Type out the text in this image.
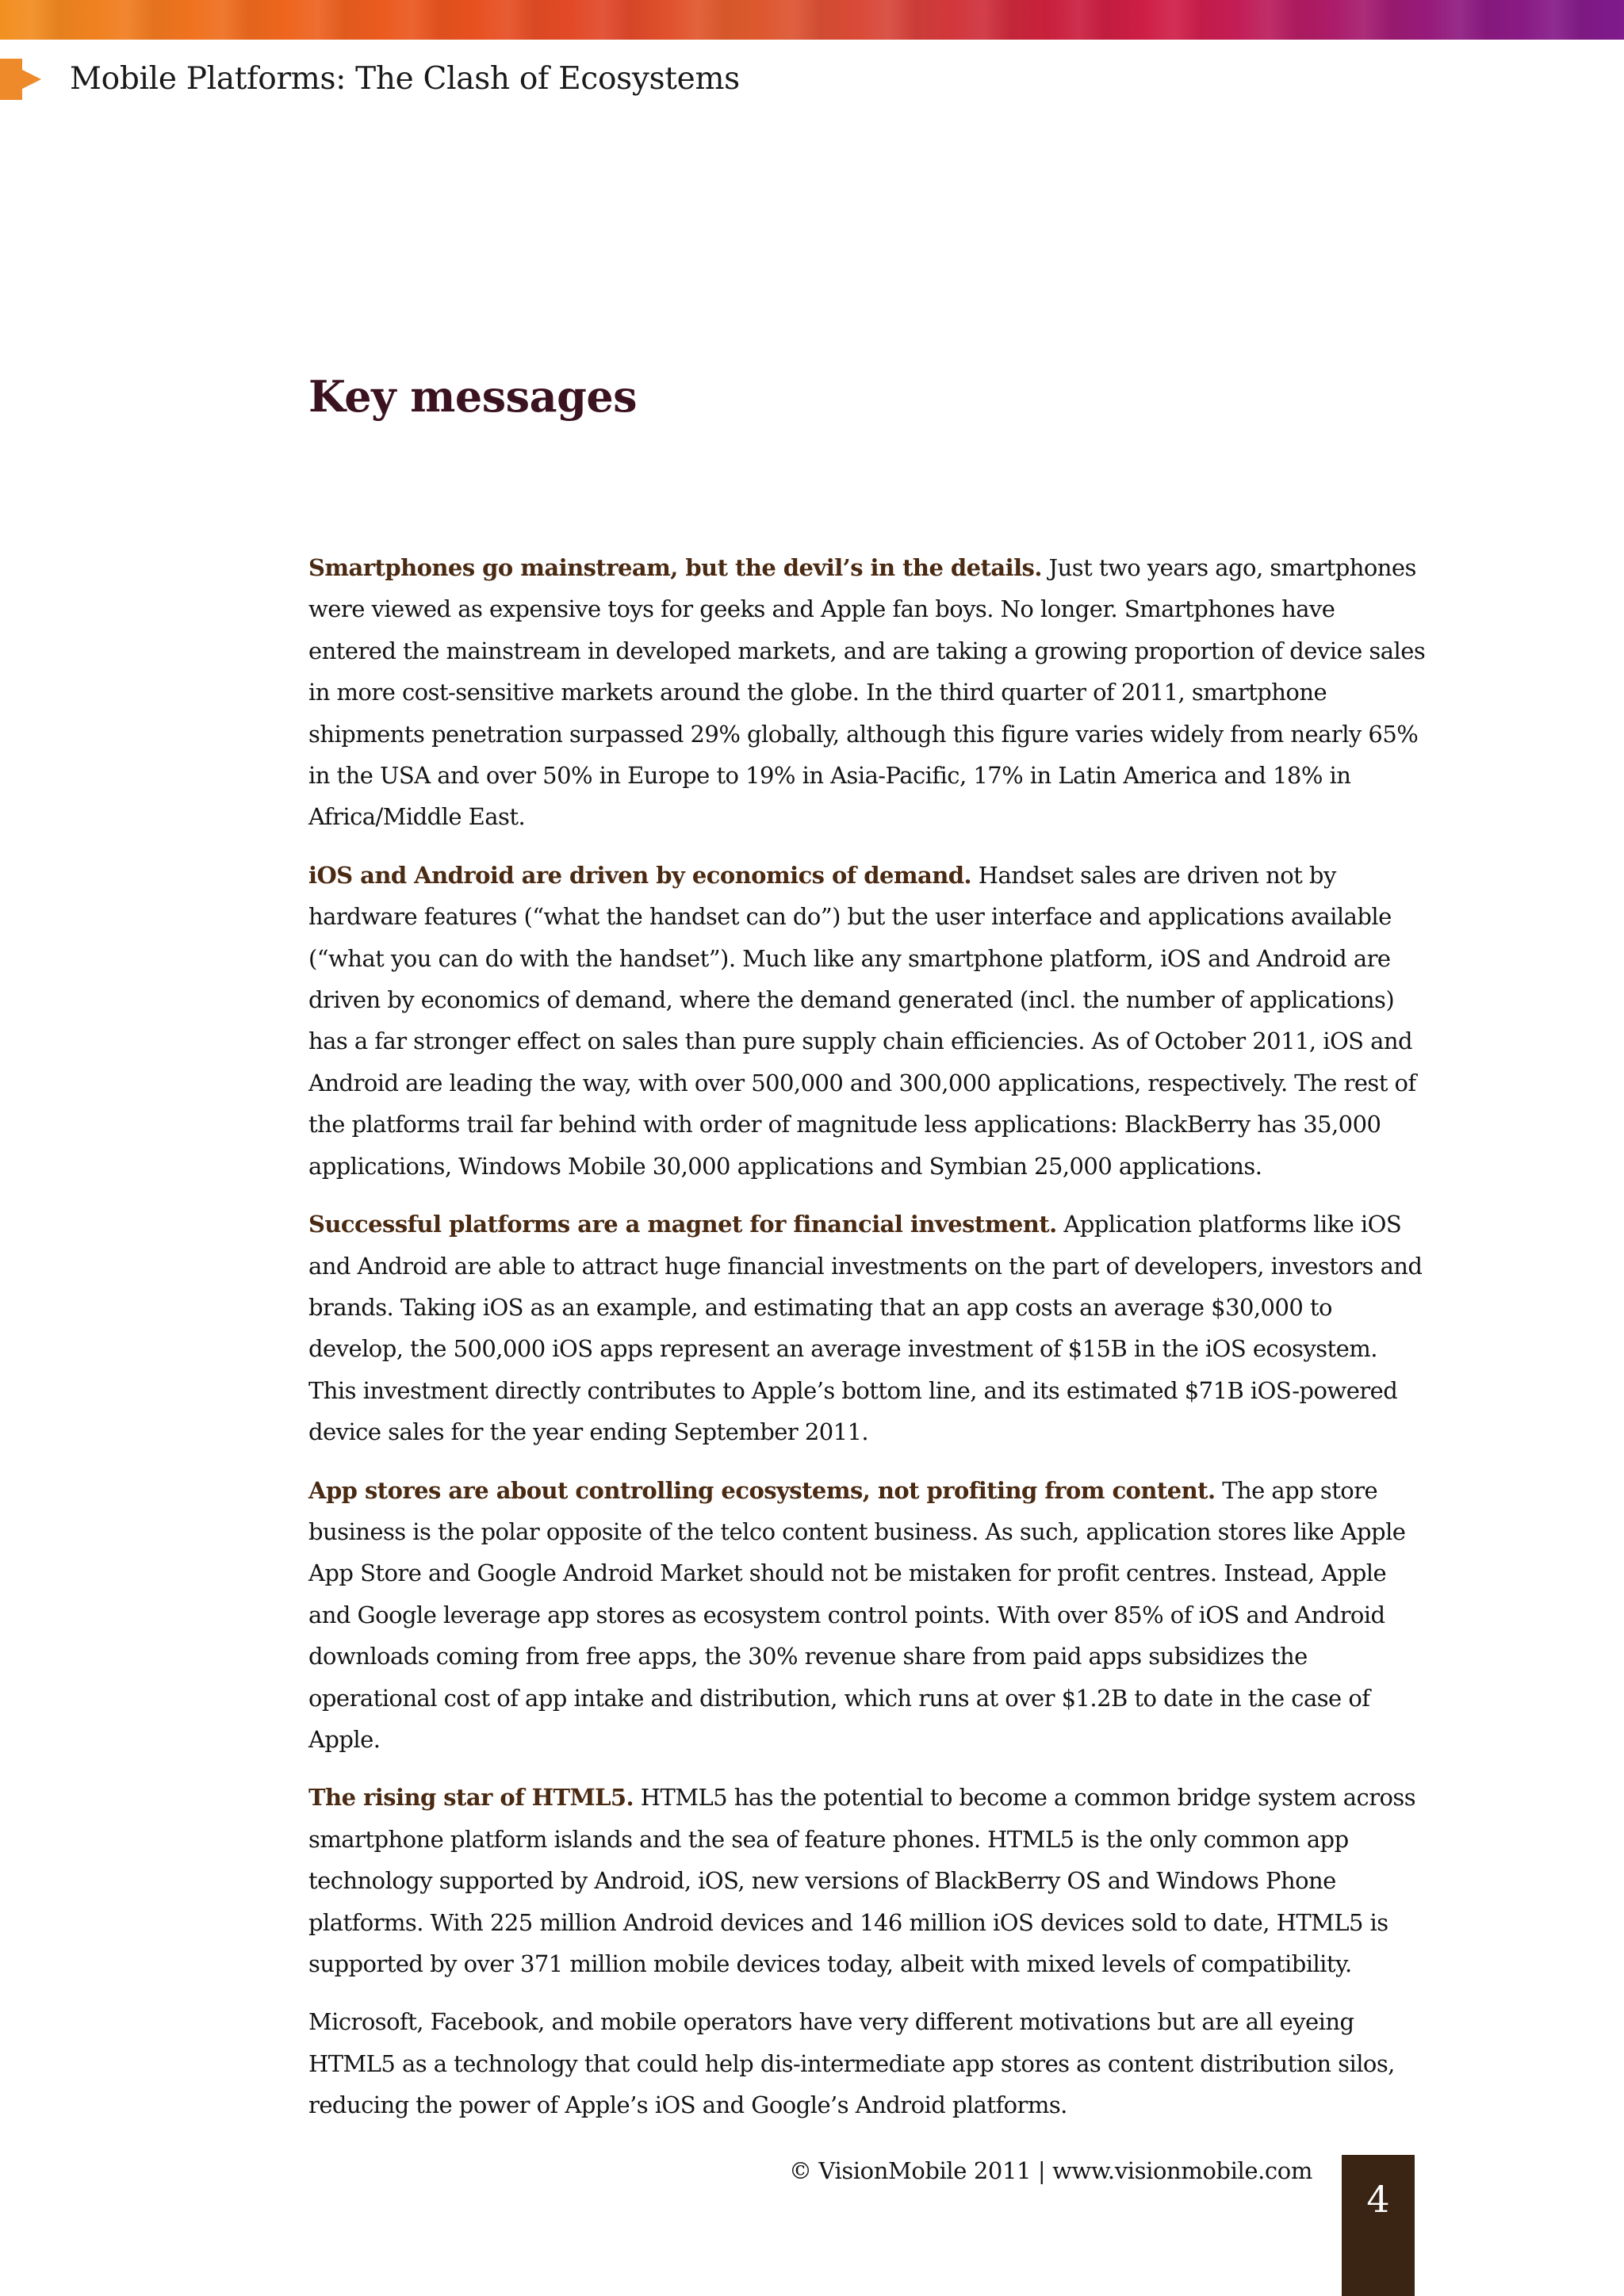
Mobile Platforms: The Clash of Ecosystems
Key messages

Smartphones go mainstream, but the devil’s in the details. Just two years ago, smartphones were viewed as expensive toys for geeks and Apple fan boys. No longer. Smartphones have entered the mainstream in developed markets, and are taking a growing proportion of device sales in more cost-sensitive markets around the globe. In the third quarter of 2011, smartphone shipments penetration surpassed 29% globally, although this figure varies widely from nearly 65% in the USA and over 50% in Europe to 19% in Asia-Pacific, 17% in Latin America and 18% in Africa/Middle East.

iOS and Android are driven by economics of demand. Handset sales are driven not by hardware features (“what the handset can do”) but the user interface and applications available (“what you can do with the handset”). Much like any smartphone platform, iOS and Android are driven by economics of demand, where the demand generated (incl. the number of applications) has a far stronger effect on sales than pure supply chain efficiencies. As of October 2011, iOS and Android are leading the way, with over 500,000 and 300,000 applications, respectively. The rest of the platforms trail far behind with order of magnitude less applications: BlackBerry has 35,000 applications, Windows Mobile 30,000 applications and Symbian 25,000 applications.

Successful platforms are a magnet for financial investment. Application platforms like iOS and Android are able to attract huge financial investments on the part of developers, investors and brands. Taking iOS as an example, and estimating that an app costs an average $30,000 to develop, the 500,000 iOS apps represent an average investment of $15B in the iOS ecosystem. This investment directly contributes to Apple’s bottom line, and its estimated $71B iOS-powered device sales for the year ending September 2011.

App stores are about controlling ecosystems, not profiting from content. The app store business is the polar opposite of the telco content business. As such, application stores like Apple App Store and Google Android Market should not be mistaken for profit centres. Instead, Apple and Google leverage app stores as ecosystem control points. With over 85% of iOS and Android downloads coming from free apps, the 30% revenue share from paid apps subsidizes the operational cost of app intake and distribution, which runs at over $1.2B to date in the case of Apple.

The rising star of HTML5. HTML5 has the potential to become a common bridge system across smartphone platform islands and the sea of feature phones. HTML5 is the only common app technology supported by Android, iOS, new versions of BlackBerry OS and Windows Phone platforms. With 225 million Android devices and 146 million iOS devices sold to date, HTML5 is supported by over 371 million mobile devices today, albeit with mixed levels of compatibility.

Microsoft, Facebook, and mobile operators have very different motivations but are all eyeing HTML5 as a technology that could help dis-intermediate app stores as content distribution silos, reducing the power of Apple’s iOS and Google’s Android platforms.

© VisionMobile 2011 | www.visionmobile.com
4
